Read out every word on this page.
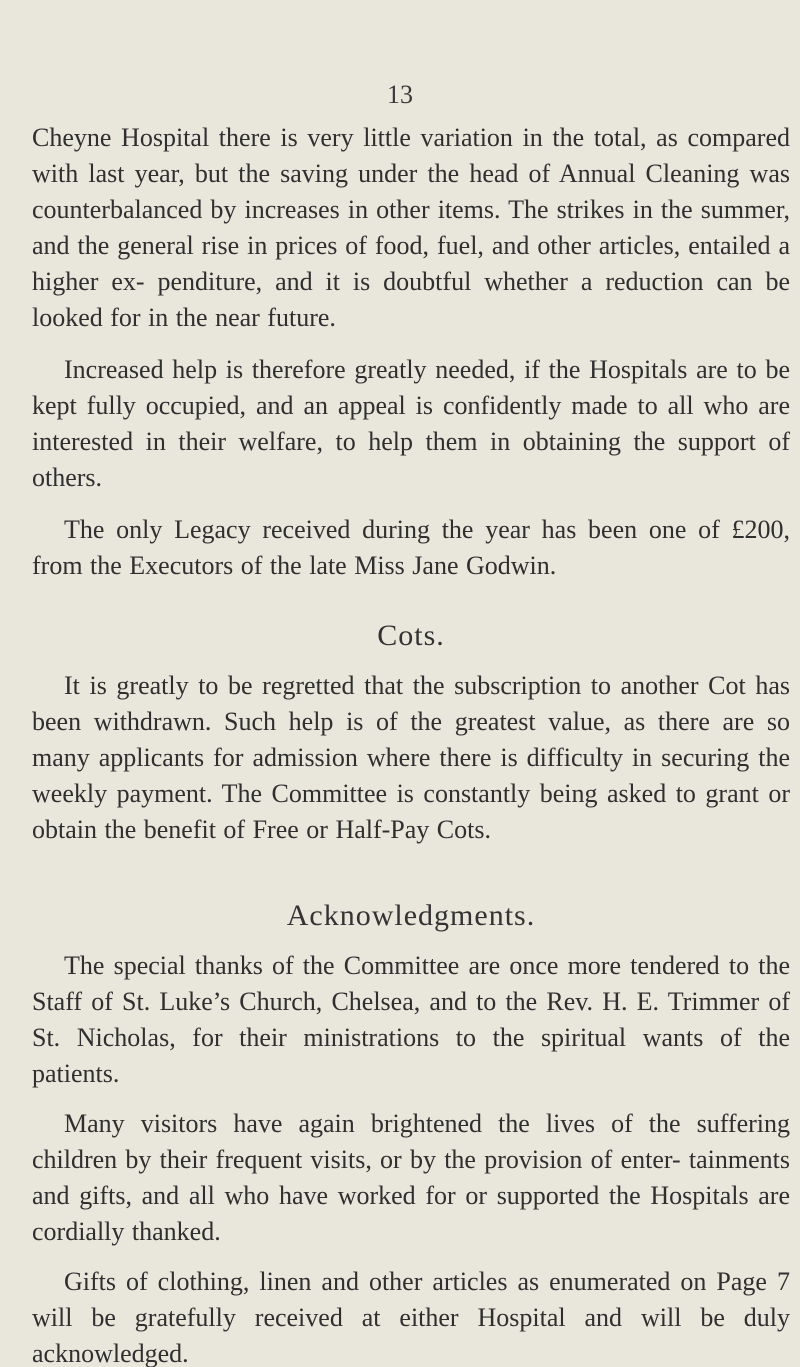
13

Cheyne Hospital there is very little variation in the total, as compared with last year, but the saving under the head of Annual Cleaning was counterbalanced by increases in other items. The strikes in the summer, and the general rise in prices of food, fuel, and other articles, entailed a higher ex- penditure, and it is doubtful whether a reduction can be looked for in the near future.

Increased help is therefore greatly needed, if the Hospitals are to be kept fully occupied, and an appeal is confidently made to all who are interested in their welfare, to help them in obtaining the support of others.

The only Legacy received during the year has been one of £200, from the Executors of the late Miss Jane Godwin.

Cots.

It is greatly to be regretted that the subscription to another Cot has been withdrawn. Such help is of the greatest value, as there are so many applicants for admission where there is difficulty in securing the weekly payment. The Committee is constantly being asked to grant or obtain the benefit of Free or Half-Pay Cots.

Acknowledgments.

The special thanks of the Committee are once more tendered to the Staff of St. Luke’s Church, Chelsea, and to the Rev. H. E. Trimmer of St. Nicholas, for their ministrations to the spiritual wants of the patients.

Many visitors have again brightened the lives of the suffering children by their frequent visits, or by the provision of enter- tainments and gifts, and all who have worked for or supported the Hospitals are cordially thanked.

Gifts of clothing, linen and other articles as enumerated on Page 7 will be gratefully received at either Hospital and will be duly acknowledged.
